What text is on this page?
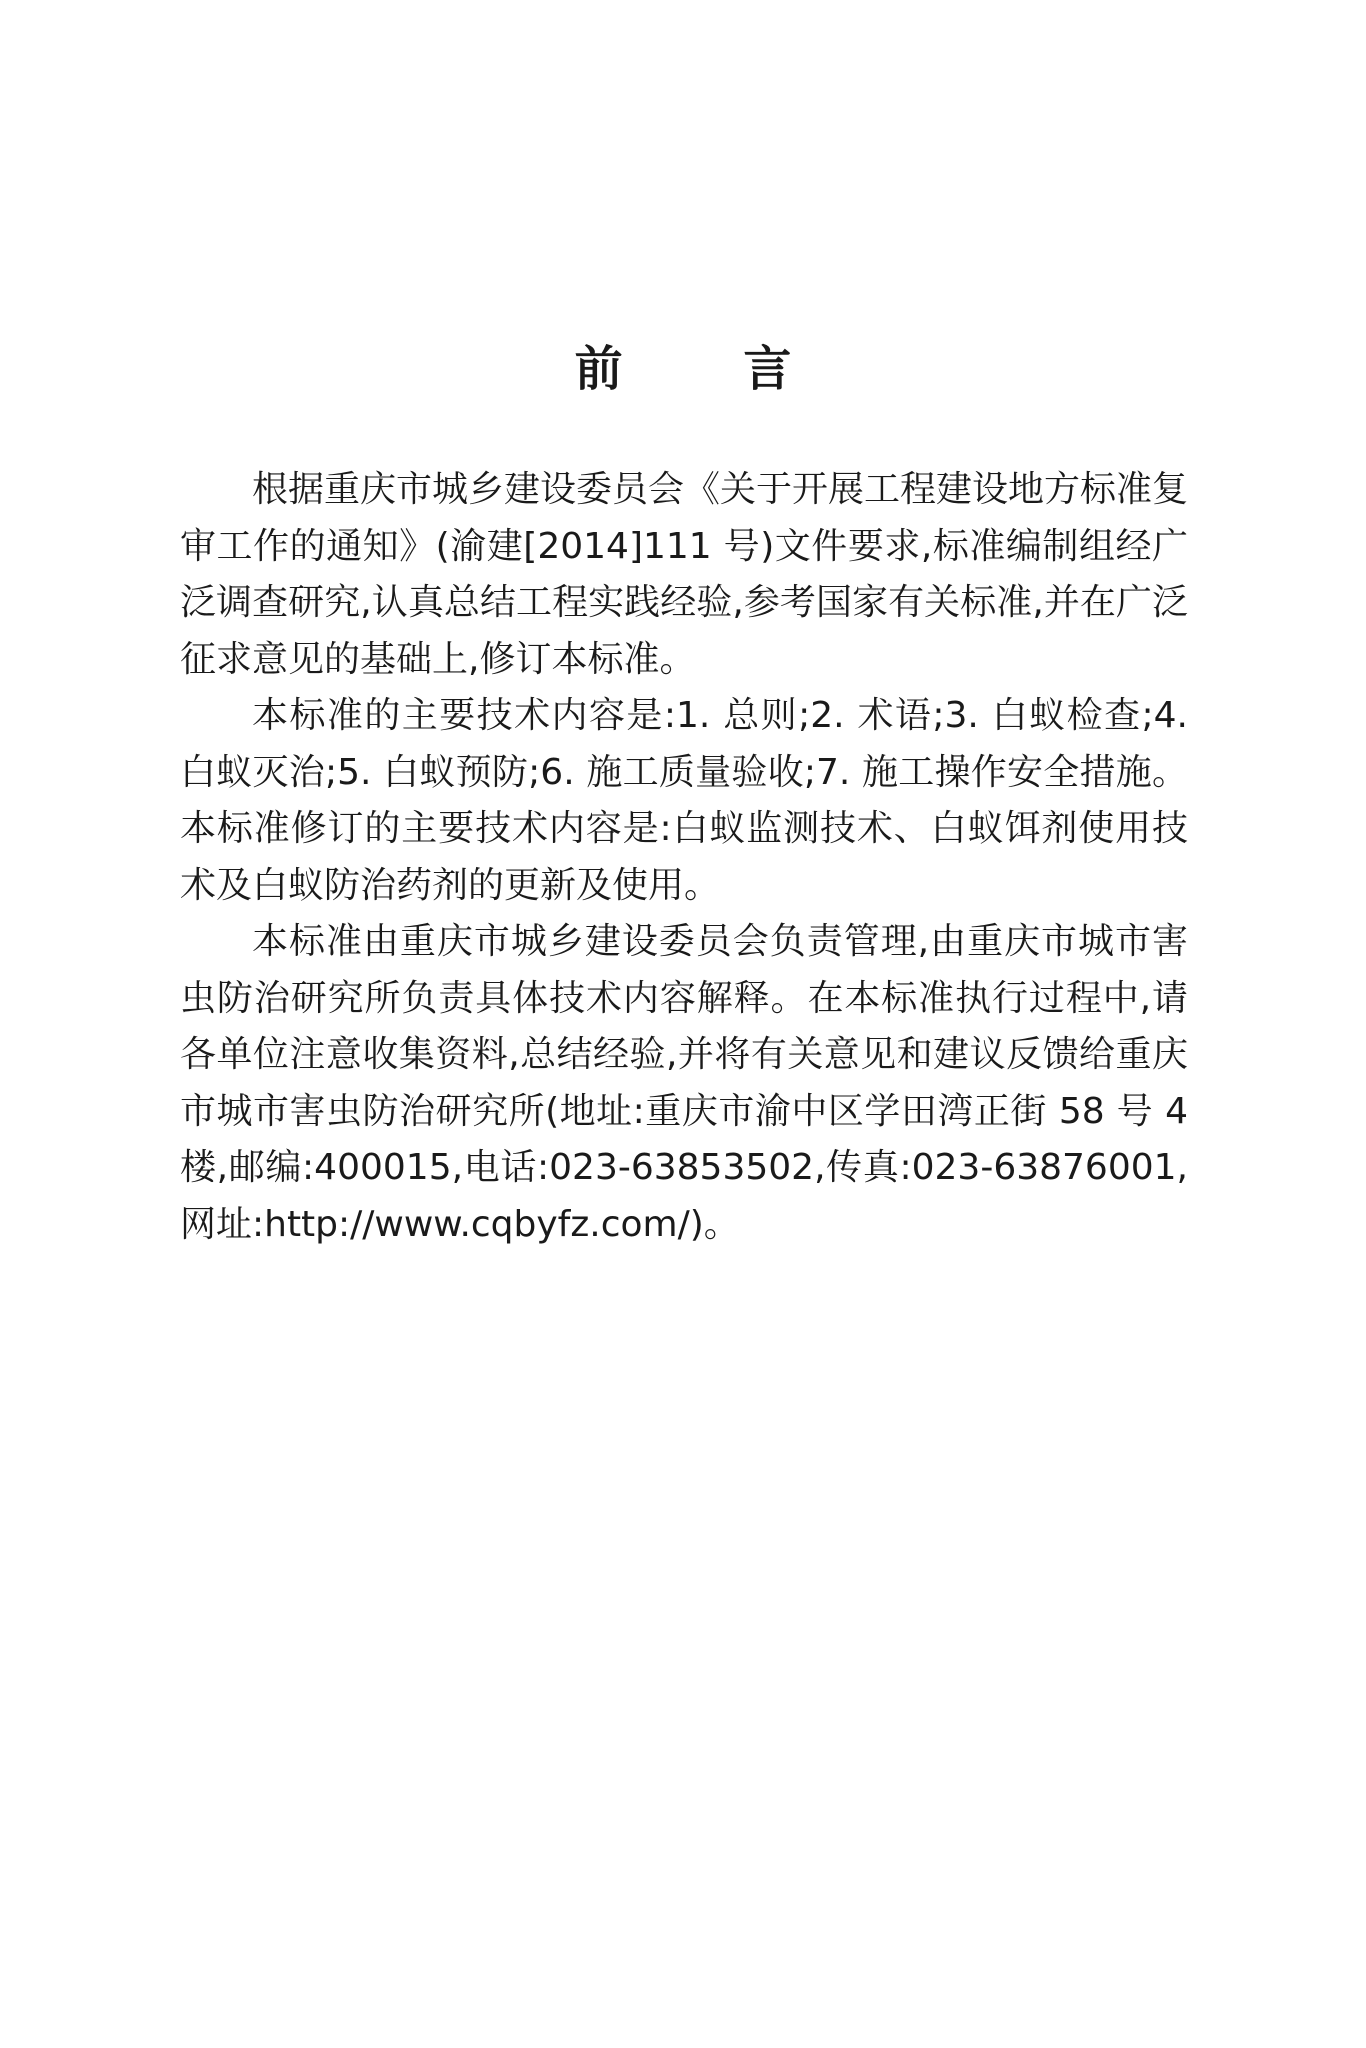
前 言

根据重庆市城乡建设委员会《关于开展工程建设地方标准复审工作的通知》(渝建[2014]111 号)文件要求,标准编制组经广泛调查研究,认真总结工程实践经验,参考国家有关标准,并在广泛征求意见的基础上,修订本标准。

本标准的主要技术内容是:1. 总则;2. 术语;3. 白蚁检查;4. 白蚁灭治;5. 白蚁预防;6. 施工质量验收;7. 施工操作安全措施。本标准修订的主要技术内容是:白蚁监测技术、白蚁饵剂使用技术及白蚁防治药剂的更新及使用。

本标准由重庆市城乡建设委员会负责管理,由重庆市城市害虫防治研究所负责具体技术内容解释。在本标准执行过程中,请各单位注意收集资料,总结经验,并将有关意见和建议反馈给重庆市城市害虫防治研究所(地址:重庆市渝中区学田湾正街 58 号 4 楼,邮编:400015,电话:023-63853502,传真:023-63876001,网址:http://www.cqbyfz.com/)。
